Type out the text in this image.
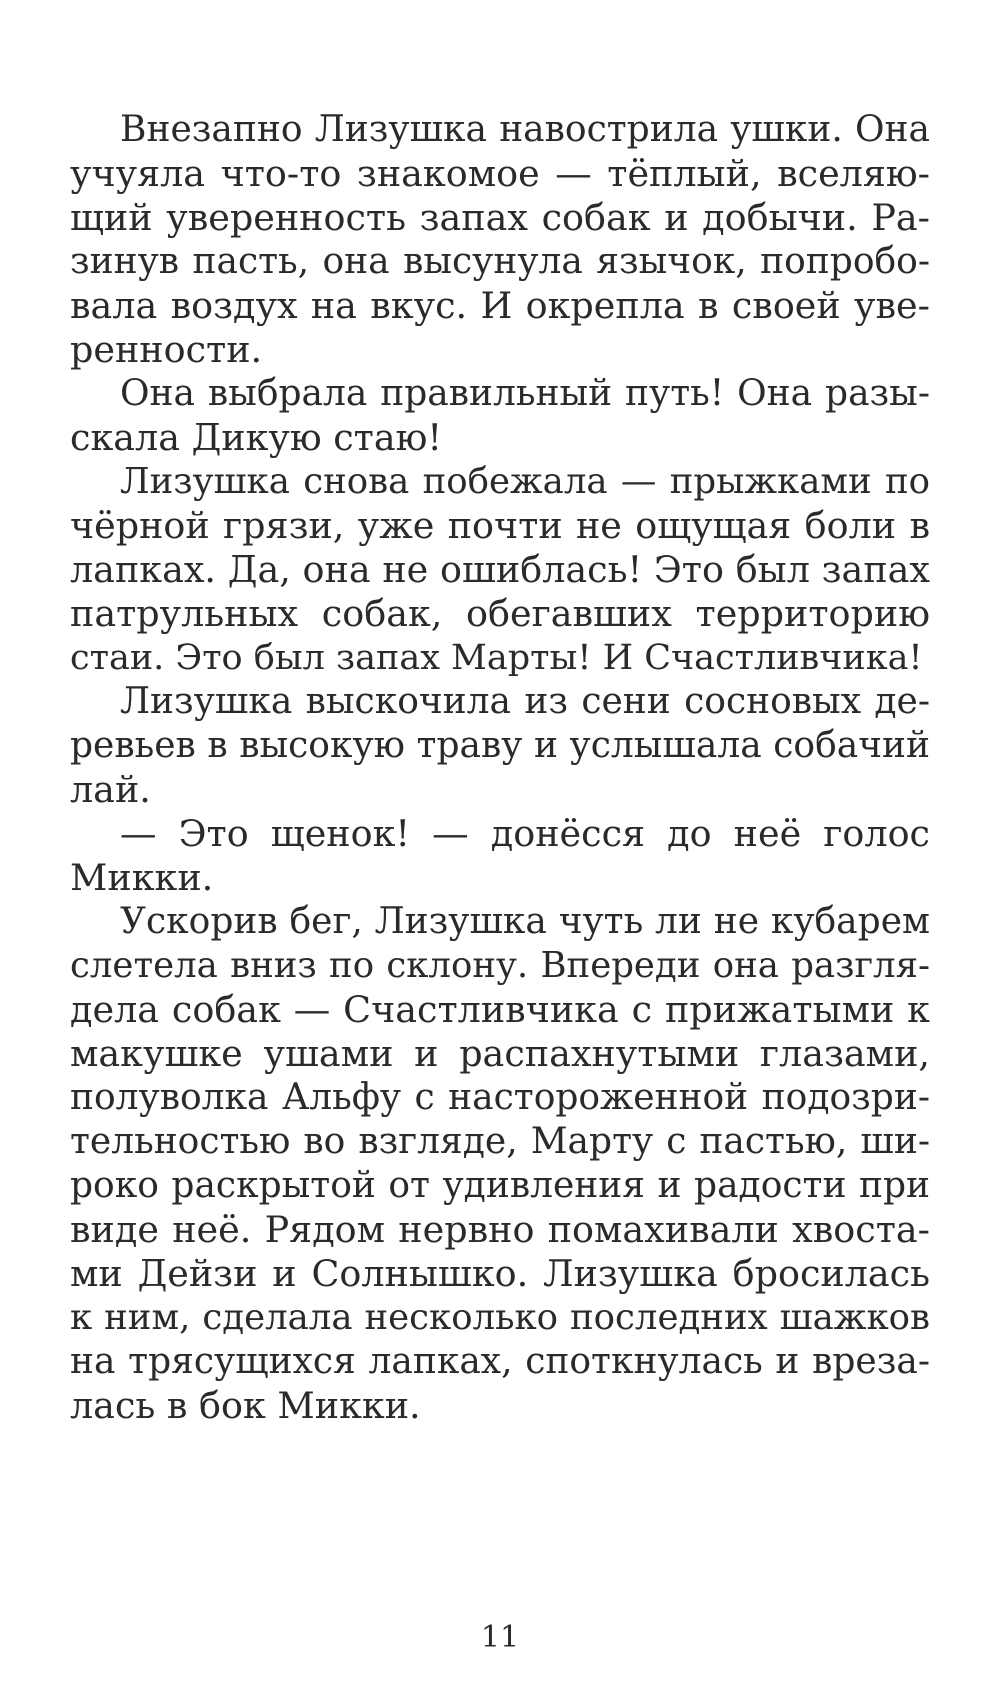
Внезапно Лизушка навострила ушки. Она
учуяла что-то знакомое — тёплый, вселяю-
щий уверенность запах собак и добычи. Ра-
зинув пасть, она высунула язычок, попробо-
вала воздух на вкус. И окрепла в своей уве-
ренности.
Она выбрала правильный путь! Она разы-
скала Дикую стаю!
Лизушка снова побежала — прыжками по
чёрной грязи, уже почти не ощущая боли в
лапках. Да, она не ошиблась! Это был запах
патрульных собак, обегавших территорию
стаи. Это был запах Марты! И Счастливчика!
Лизушка выскочила из сени сосновых де-
ревьев в высокую траву и услышала собачий
лай.
— Это щенок! — донёсся до неё голос
Микки.
Ускорив бег, Лизушка чуть ли не кубарем
слетела вниз по склону. Впереди она разгля-
дела собак — Счастливчика с прижатыми к
макушке ушами и распахнутыми глазами,
полуволка Альфу с настороженной подозри-
тельностью во взгляде, Марту с пастью, ши-
роко раскрытой от удивления и радости при
виде неё. Рядом нервно помахивали хвоста-
ми Дейзи и Солнышко. Лизушка бросилась
к ним, сделала несколько последних шажков
на трясущихся лапках, споткнулась и вреза-
лась в бок Микки.
11
